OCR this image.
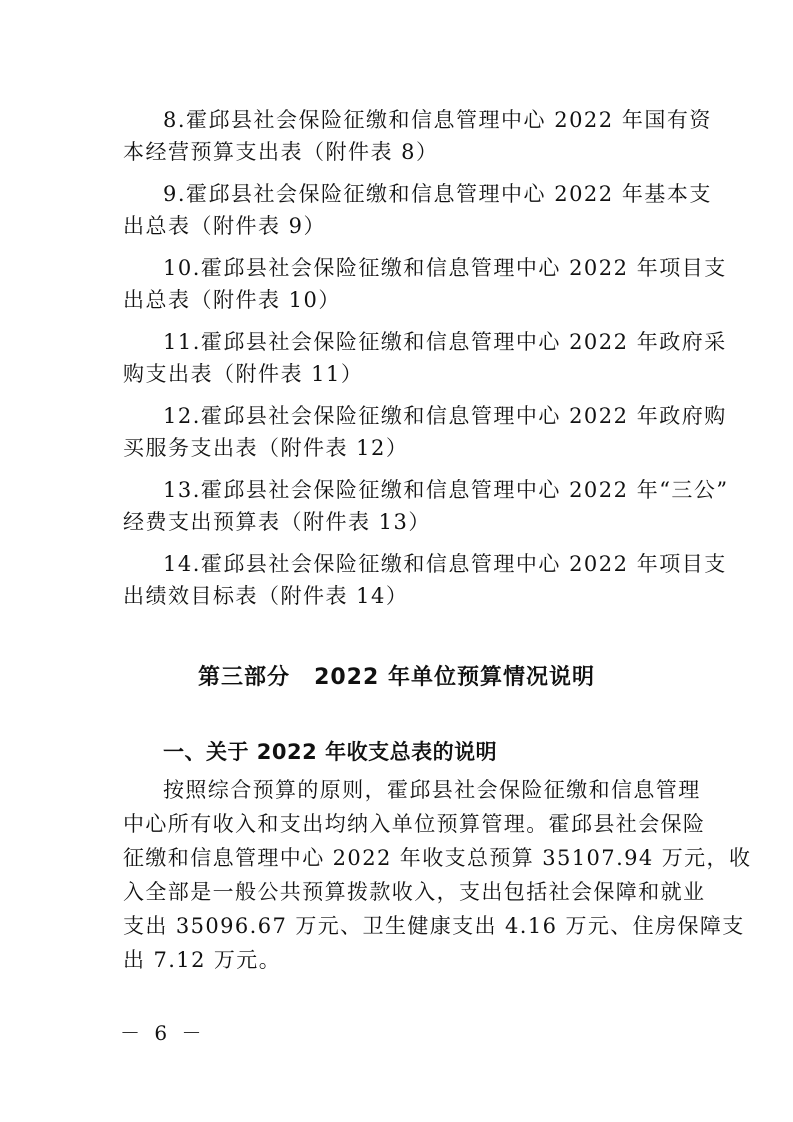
8.霍邱县社会保险征缴和信息管理中心 2022 年国有资
本经营预算支出表（附件表 8）
9.霍邱县社会保险征缴和信息管理中心 2022 年基本支
出总表（附件表 9）
10.霍邱县社会保险征缴和信息管理中心 2022 年项目支
出总表（附件表 10）
11.霍邱县社会保险征缴和信息管理中心 2022 年政府采
购支出表（附件表 11）
12.霍邱县社会保险征缴和信息管理中心 2022 年政府购
买服务支出表（附件表 12）
13.霍邱县社会保险征缴和信息管理中心 2022 年“三公”
经费支出预算表（附件表 13）
14.霍邱县社会保险征缴和信息管理中心 2022 年项目支
出绩效目标表（附件表 14）
第三部分 2022 年单位预算情况说明
一、关于 2022 年收支总表的说明
按照综合预算的原则，霍邱县社会保险征缴和信息管理
中心所有收入和支出均纳入单位预算管理。霍邱县社会保险
征缴和信息管理中心 2022 年收支总预算 35107.94 万元，收
入全部是一般公共预算拨款收入，支出包括社会保障和就业
支出 35096.67 万元、卫生健康支出 4.16 万元、住房保障支
出 7.12 万元。
－ 6 －
